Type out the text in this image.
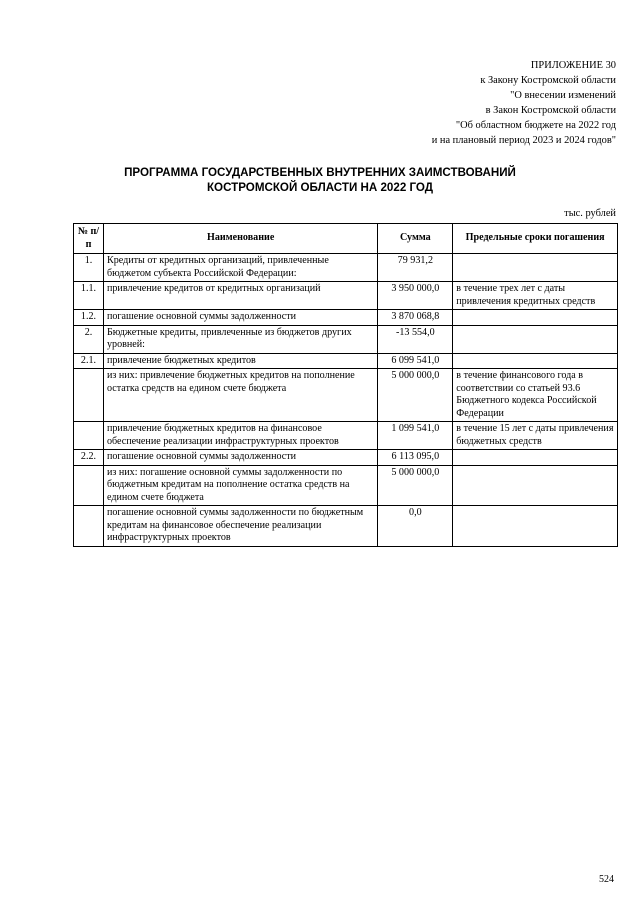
ПРИЛОЖЕНИЕ 30
к Закону Костромской области
"О внесении изменений
в Закон Костромской области
"Об областном бюджете на 2022 год
и на плановый период 2023 и 2024 годов"
ПРОГРАММА ГОСУДАРСТВЕННЫХ ВНУТРЕННИХ ЗАИМСТВОВАНИЙ
КОСТРОМСКОЙ ОБЛАСТИ НА 2022 ГОД
тыс. рублей
№ п/п	Наименование	Сумма	Предельные сроки погашения
1.	Кредиты от кредитных организаций, привлеченные бюджетом субъекта Российской Федерации:	79 931,2	
1.1.	привлечение кредитов от кредитных организаций	3 950 000,0	в течение трех лет с даты привлечения кредитных средств
1.2.	погашение основной суммы задолженности	3 870 068,8	
2.	Бюджетные кредиты, привлеченные из бюджетов других уровней:	-13 554,0	
2.1.	привлечение бюджетных кредитов	6 099 541,0	
	из них: привлечение бюджетных кредитов на пополнение остатка средств на едином счете бюджета	5 000 000,0	в течение финансового года в соответствии со статьей 93.6 Бюджетного кодекса Российской Федерации
	привлечение бюджетных кредитов на финансовое обеспечение реализации инфраструктурных проектов	1 099 541,0	в течение 15 лет с даты привлечения бюджетных средств
2.2.	погашение основной суммы задолженности	6 113 095,0	
	из них: погашение основной суммы задолженности по бюджетным кредитам на пополнение остатка средств на едином счете бюджета	5 000 000,0	
	погашение основной суммы задолженности по бюджетным кредитам на финансовое обеспечение реализации инфраструктурных проектов	0,0	
524
